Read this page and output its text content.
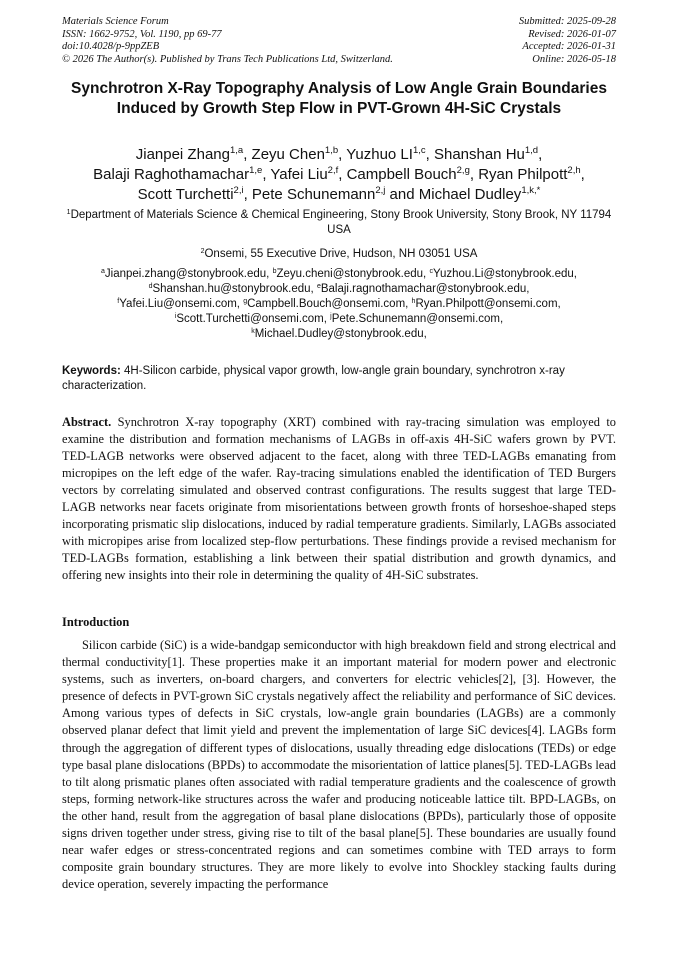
Materials Science Forum
ISSN: 1662-9752, Vol. 1190, pp 69-77
doi:10.4028/p-9ppZEB
© 2026 The Author(s). Published by Trans Tech Publications Ltd, Switzerland.
Submitted: 2025-09-28
Revised: 2026-01-07
Accepted: 2026-01-31
Online: 2026-05-18
Synchrotron X-Ray Topography Analysis of Low Angle Grain Boundaries Induced by Growth Step Flow in PVT-Grown 4H-SiC Crystals
Jianpei Zhang$^{1,a}$, Zeyu Chen$^{1,b}$, Yuzhuo LI$^{1,c}$, Shanshan Hu$^{1,d}$,
Balaji Raghothamachar$^{1,e}$, Yafei Liu$^{2,f}$, Campbell Bouch$^{2,g}$, Ryan Philpott$^{2,h}$,
Scott Turchetti$^{2,i}$, Pete Schunemann$^{2,j}$ and Michael Dudley$^{1,k,*}$
$^1$Department of Materials Science & Chemical Engineering, Stony Brook University, Stony Brook, NY 11794 USA
$^2$Onsemi, 55 Executive Drive, Hudson, NH 03051 USA
$^a$Jianpei.zhang@stonybrook.edu, $^b$Zeyu.cheni@stonybrook.edu, $^c$Yuzhou.Li@stonybrook.edu,
$^d$Shanshan.hu@stonybrook.edu, $^e$Balaji.ragnothamachar@stonybrook.edu,
$^f$Yafei.Liu@onsemi.com, $^g$Campbell.Bouch@onsemi.com, $^h$Ryan.Philpott@onsemi.com,
$^i$Scott.Turchetti@onsemi.com, $^j$Pete.Schunemann@onsemi.com,
$^k$Michael.Dudley@stonybrook.edu,
Keywords: 4H-Silicon carbide, physical vapor growth, low-angle grain boundary, synchrotron x-ray characterization.

Abstract. Synchrotron X-ray topography (XRT) combined with ray-tracing simulation was employed to examine the distribution and formation mechanisms of LAGBs in off-axis 4H-SiC wafers grown by PVT. TED-LAGB networks were observed adjacent to the facet, along with three TED-LAGBs emanating from micropipes on the left edge of the wafer. Ray-tracing simulations enabled the identification of TED Burgers vectors by correlating simulated and observed contrast configurations. The results suggest that large TED-LAGB networks near facets originate from misorientations between growth fronts of horseshoe-shaped steps incorporating prismatic slip dislocations, induced by radial temperature gradients. Similarly, LAGBs associated with micropipes arise from localized step-flow perturbations. These findings provide a revised mechanism for TED-LAGBs formation, establishing a link between their spatial distribution and growth dynamics, and offering new insights into their role in determining the quality of 4H-SiC substrates.

Introduction

Silicon carbide (SiC) is a wide-bandgap semiconductor with high breakdown field and strong electrical and thermal conductivity[1]. These properties make it an important material for modern power and electronic systems, such as inverters, on-board chargers, and converters for electric vehicles[2], [3]. However, the presence of defects in PVT-grown SiC crystals negatively affect the reliability and performance of SiC devices. Among various types of defects in SiC crystals, low-angle grain boundaries (LAGBs) are a commonly observed planar defect that limit yield and prevent the implementation of large SiC devices[4]. LAGBs form through the aggregation of different types of dislocations, usually threading edge dislocations (TEDs) or edge type basal plane dislocations (BPDs) to accommodate the misorientation of lattice planes[5]. TED-LAGBs lead to tilt along prismatic planes often associated with radial temperature gradients and the coalescence of growth steps, forming network-like structures across the wafer and producing noticeable lattice tilt. BPD-LAGBs, on the other hand, result from the aggregation of basal plane dislocations (BPDs), particularly those of opposite signs driven together under stress, giving rise to tilt of the basal plane[5]. These boundaries are usually found near wafer edges or stress-concentrated regions and can sometimes combine with TED arrays to form composite grain boundary structures. They are more likely to evolve into Shockley stacking faults during device operation, severely impacting the performance
